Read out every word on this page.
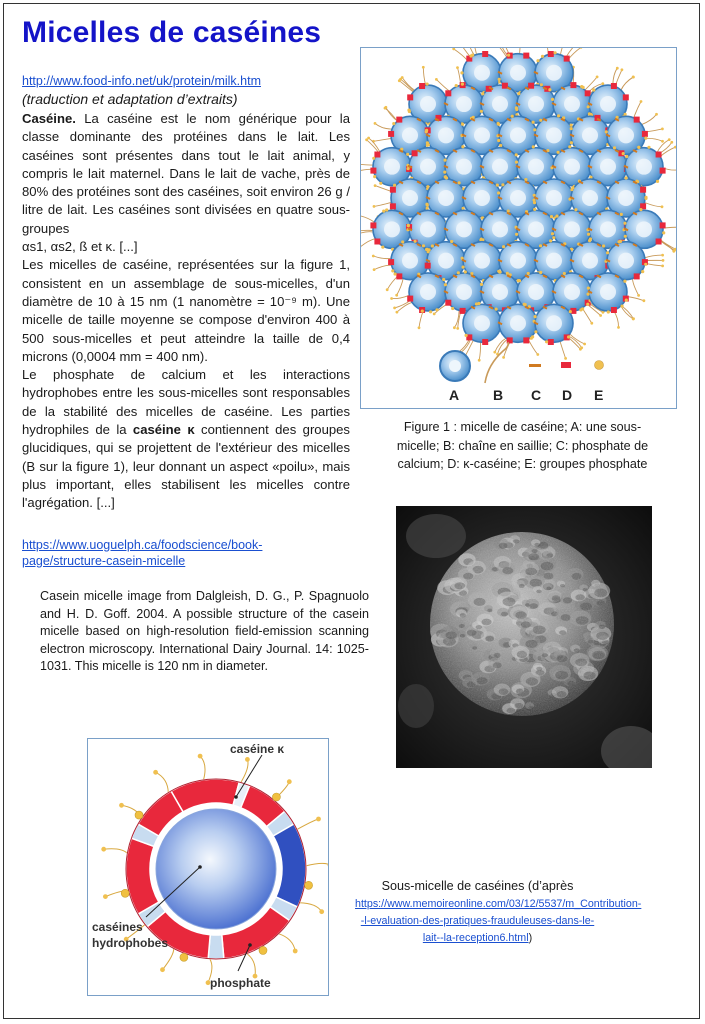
Micelles de caséines
http://www.food-info.net/uk/protein/milk.htm
(traduction et adaptation d’extraits)

Caséine. La caséine est le nom générique pour la classe dominante des protéines dans le lait. Les caséines sont présentes dans tout le lait animal, y compris le lait maternel. Dans le lait de vache, près de 80% des protéines sont des caséines, soit environ 26 g / litre de lait. Les caséines sont divisées en quatre sous-groupes

αs1, αs2, ß et κ. [...]

Les micelles de caséine, représentées sur la figure 1, consistent en un assemblage de sous-micelles, d'un diamètre de 10 à 15 nm (1 nanomètre = 10⁻⁹ m). Une micelle de taille moyenne se compose d'environ 400 à 500 sous-micelles et peut atteindre la taille de 0,4 microns (0,0004 mm = 400 nm).

Le phosphate de calcium et les interactions hydrophobes entre les sous-micelles sont responsables de la stabilité des micelles de caséine. Les parties hydrophiles de la caséine κ contiennent des groupes glucidiques, qui se projettent de l'extérieur des micelles (B sur la figure 1), leur donnant un aspect «poilu», mais plus important, elles stabilisent les micelles contre l'agrégation. [...]

A B C D E
Figure 1 : micelle de caséine; A: une sous-micelle; B: chaîne en saillie; C: phosphate de calcium; D: κ-caséine; E: groupes phosphate
https://www.uoguelph.ca/foodscience/book-page/structure-casein-micelle

Casein micelle image from Dalgleish, D. G., P. Spagnuolo and H. D. Goff. 2004. A possible structure of the casein micelle based on high-resolution field-emission scanning electron microscopy. International Dairy Journal. 14: 1025-1031. This micelle is 120 nm in diameter.

caséine κ
caséines
hydrophobes
phosphate
Sous-micelle de caséines (d’après
https://www.memoireonline.com/03/12/5537/m_Contribution--l-evaluation-des-pratiques-frauduleuses-dans-le-lait--la-reception6.html)
